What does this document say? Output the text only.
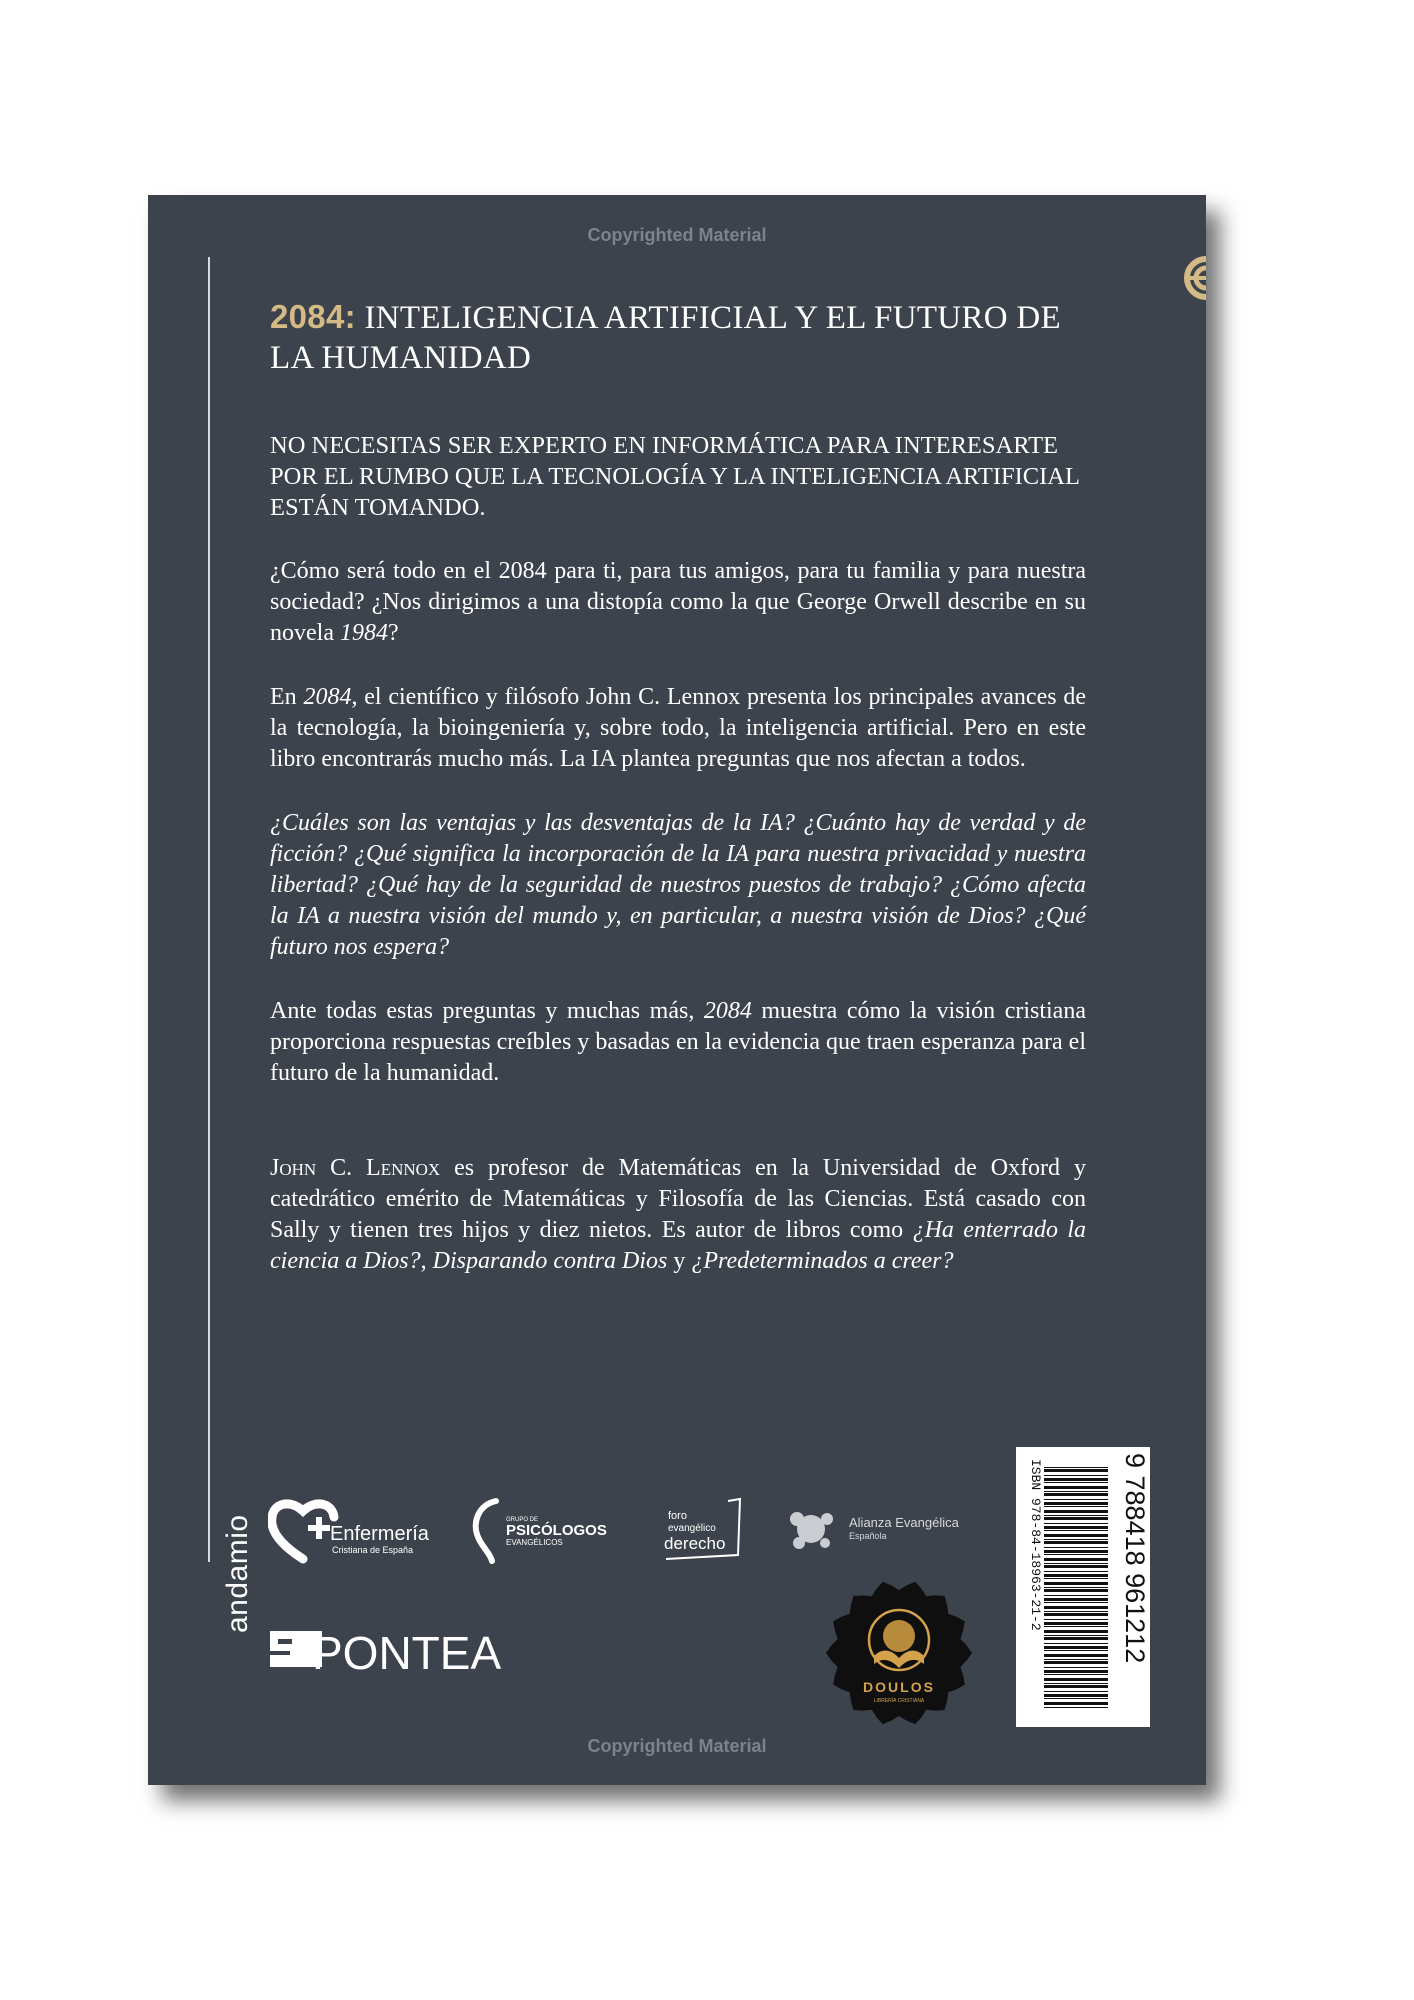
Copyrighted Material
andamio
2084: INTELIGENCIA ARTIFICIAL Y EL FUTURO DE LA HUMANIDAD

NO NECESITAS SER EXPERTO EN INFORMÁTICA PARA INTERESARTE POR EL RUMBO QUE LA TECNOLOGÍA Y LA INTELIGENCIA ARTIFICIAL ESTÁN TOMANDO.

¿Cómo será todo en el 2084 para ti, para tus amigos, para tu familia y para nuestra sociedad? ¿Nos dirigimos a una distopía como la que George Orwell describe en su novela 1984?

En 2084, el científico y filósofo John C. Lennox presenta los principales avances de la tecnología, la bioingeniería y, sobre todo, la inteligencia artificial. Pero en este libro encontrarás mucho más. La IA plantea preguntas que nos afectan a todos.

¿Cuáles son las ventajas y las desventajas de la IA? ¿Cuánto hay de verdad y de ficción? ¿Qué significa la incorporación de la IA para nuestra privacidad y nuestra libertad? ¿Qué hay de la seguridad de nuestros puestos de trabajo? ¿Cómo afecta la IA a nuestra visión del mundo y, en particular, a nuestra visión de Dios? ¿Qué futuro nos espera?

Ante todas estas preguntas y muchas más, 2084 muestra cómo la visión cristiana proporciona respuestas creíbles y basadas en la evidencia que traen esperanza para el futuro de la humanidad.

John C. Lennox es profesor de Matemáticas en la Universidad de Oxford y catedrático emérito de Matemáticas y Filosofía de las Ciencias. Está casado con Sally y tienen tres hijos y diez nietos. Es autor de libros como ¿Ha enterrado la ciencia a Dios?, Disparando contra Dios y ¿Predeterminados a creer?

Enfermería
Cristiana de España
GRUPO DE
PSICÓLOGOS
EVANGÉLICOS
foro
evangélico
derecho
Alianza Evangélica
Española
PONTEA
ISBN 978-84-18963-21-2	9 788418 961212
DOULOS
LIBRERÍA CRISTIANA
Copyrighted Material
